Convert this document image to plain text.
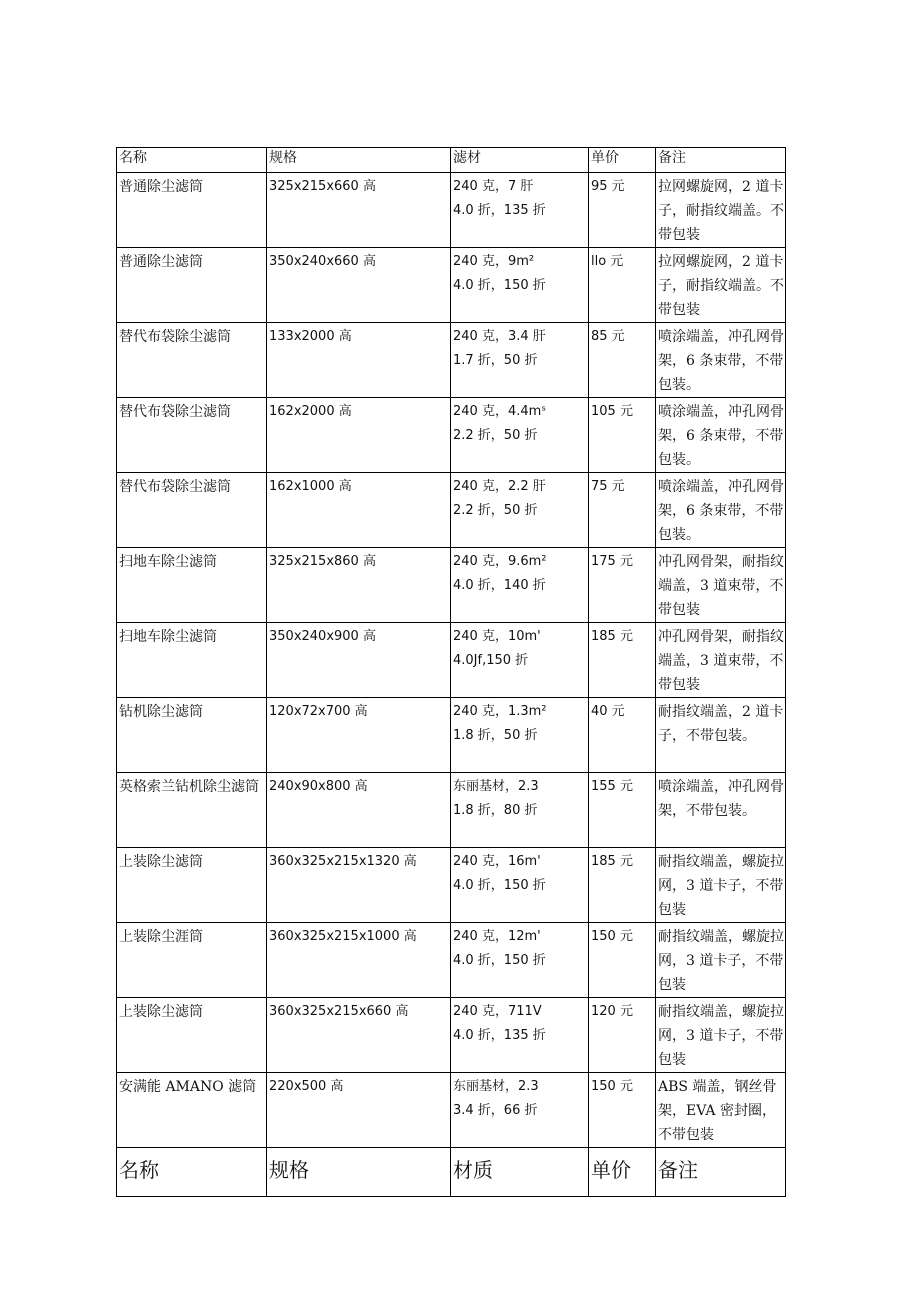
名称	规格	滤材	单价	备注
普通除尘滤筒	325x215x660 高	240 克，7 肝
4.0 折，135 折	95 元	拉网螺旋网，2 道卡子，耐指纹端盖。不带包装
普通除尘滤筒	350x240x660 高	240 克，9m²
4.0 折，150 折	llo 元	拉网螺旋网，2 道卡子，耐指纹端盖。不带包装
替代布袋除尘滤筒	133x2000 高	240 克，3.4 肝
1.7 折，50 折	85 元	喷涂端盖，冲孔网骨架，6 条束带，不带包装。
替代布袋除尘滤筒	162x2000 高	240 克，4.4mˢ
2.2 折，50 折	105 元	喷涂端盖，冲孔网骨架，6 条束带，不带包装。
替代布袋除尘滤筒	162x1000 高	240 克，2.2 肝
2.2 折，50 折	75 元	喷涂端盖，冲孔网骨架，6 条束带，不带包装。
扫地车除尘滤筒	325x215x860 高	240 克，9.6m²
4.0 折，140 折	175 元	冲孔网骨架，耐指纹端盖，3 道束带，不带包装
扫地车除尘滤筒	350x240x900 高	240 克，10m'
4.0Jf,150 折	185 元	冲孔网骨架，耐指纹端盖，3 道束带，不带包装
钻机除尘滤筒	120x72x700 高	240 克，1.3m²
1.8 折，50 折	40 元	耐指纹端盖，2 道卡子，不带包装。
英格索兰钻机除尘滤筒	240x90x800 高	东丽基材，2.3
1.8 折，80 折	155 元	喷涂端盖，冲孔网骨架，不带包装。
上装除尘滤筒	360x325x215x1320 高	240 克，16m'
4.0 折，150 折	185 元	耐指纹端盖，螺旋拉网，3 道卡子，不带包装
上装除尘涯筒	360x325x215x1000 高	240 克，12m'
4.0 折，150 折	150 元	耐指纹端盖，螺旋拉网，3 道卡子，不带包装
上装除尘滤筒	360x325x215x660 高	240 克，711V
4.0 折，135 折	120 元	耐指纹端盖，螺旋拉网，3 道卡子，不带包装
安满能 AMANO 滤筒	220x500 高	东丽基材，2.3
3.4 折，66 折	150 元	ABS 端盖，钢丝骨架，EVA 密封圈，不带包装
名称	规格	材质	单价	备注
